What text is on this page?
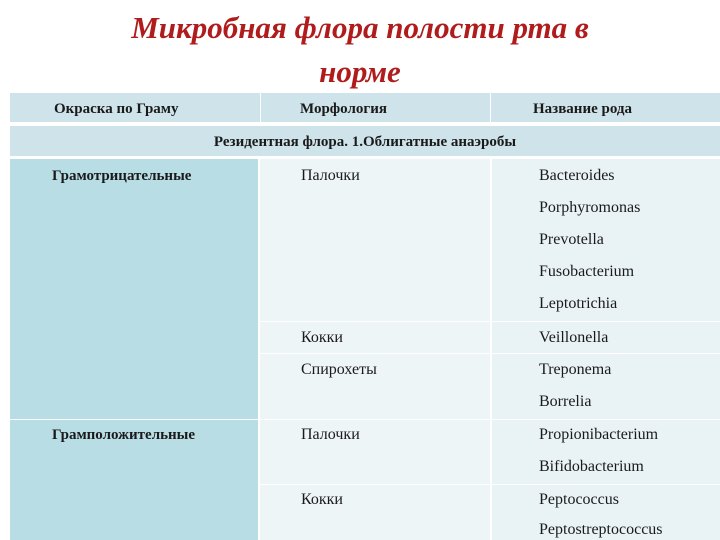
Микробная флора полости рта в
норме
Окраска по Граму	Морфология	Название рода
Резидентная флора. 1.Облигатные анаэробы
Грамотрицательные	Палочки	Bacteroides
Porphyromonas
Prevotella
Fusobacterium
Leptotrichia
Кокки	Veillonella
Спирохеты	Treponema
Borrelia
Грамположительные	Палочки	Propionibacterium
Bifidobacterium
Кокки	Peptococcus
Peptostreptococcus
